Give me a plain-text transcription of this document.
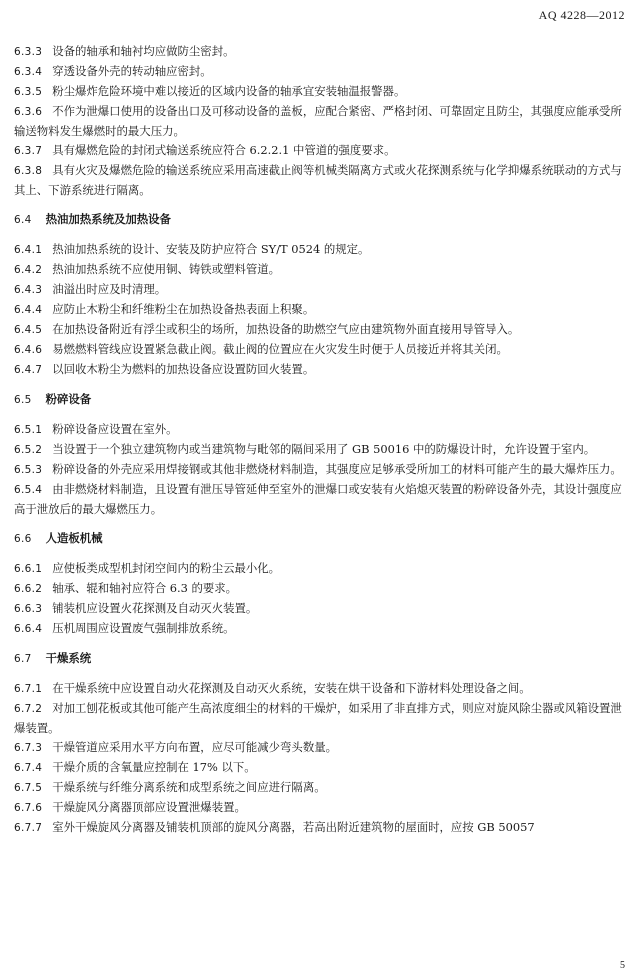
AQ 4228—2012
6.3.3 设备的轴承和轴衬均应做防尘密封。
6.3.4 穿透设备外壳的转动轴应密封。
6.3.5 粉尘爆炸危险环境中难以接近的区域内设备的轴承宜安装轴温报警器。
6.3.6 不作为泄爆口使用的设备出口及可移动设备的盖板，应配合紧密、严格封闭、可靠固定且防尘，其强度应能承受所输送物料发生爆燃时的最大压力。
6.3.7 具有爆燃危险的封闭式输送系统应符合 6.2.2.1 中管道的强度要求。
6.3.8 具有火灾及爆燃危险的输送系统应采用高速截止阀等机械类隔离方式或火花探测系统与化学抑爆系统联动的方式与其上、下游系统进行隔离。
6.4 热油加热系统及加热设备
6.4.1 热油加热系统的设计、安装及防护应符合 SY/T 0524 的规定。
6.4.2 热油加热系统不应使用铜、铸铁或塑料管道。
6.4.3 油溢出时应及时清理。
6.4.4 应防止木粉尘和纤维粉尘在加热设备热表面上积聚。
6.4.5 在加热设备附近有浮尘或积尘的场所，加热设备的助燃空气应由建筑物外面直接用导管导入。
6.4.6 易燃燃料管线应设置紧急截止阀。截止阀的位置应在火灾发生时便于人员接近并将其关闭。
6.4.7 以回收木粉尘为燃料的加热设备应设置防回火装置。
6.5 粉碎设备
6.5.1 粉碎设备应设置在室外。
6.5.2 当设置于一个独立建筑物内或当建筑物与毗邻的隔间采用了 GB 50016 中的防爆设计时，允许设置于室内。
6.5.3 粉碎设备的外壳应采用焊接钢或其他非燃烧材料制造，其强度应足够承受所加工的材料可能产生的最大爆炸压力。
6.5.4 由非燃烧材料制造，且设置有泄压导管延伸至室外的泄爆口或安装有火焰熄灭装置的粉碎设备外壳，其设计强度应高于泄放后的最大爆燃压力。
6.6 人造板机械
6.6.1 应使板类成型机封闭空间内的粉尘云最小化。
6.6.2 轴承、辊和轴衬应符合 6.3 的要求。
6.6.3 铺装机应设置火花探测及自动灭火装置。
6.6.4 压机周围应设置废气强制排放系统。
6.7 干燥系统
6.7.1 在干燥系统中应设置自动火花探测及自动灭火系统，安装在烘干设备和下游材料处理设备之间。
6.7.2 对加工刨花板或其他可能产生高浓度细尘的材料的干燥炉，如采用了非直排方式，则应对旋风除尘器或风箱设置泄爆装置。
6.7.3 干燥管道应采用水平方向布置，应尽可能减少弯头数量。
6.7.4 干燥介质的含氧量应控制在 17% 以下。
6.7.5 干燥系统与纤维分离系统和成型系统之间应进行隔离。
6.7.6 干燥旋风分离器顶部应设置泄爆装置。
6.7.7 室外干燥旋风分离器及铺装机顶部的旋风分离器，若高出附近建筑物的屋面时，应按 GB 50057
5
